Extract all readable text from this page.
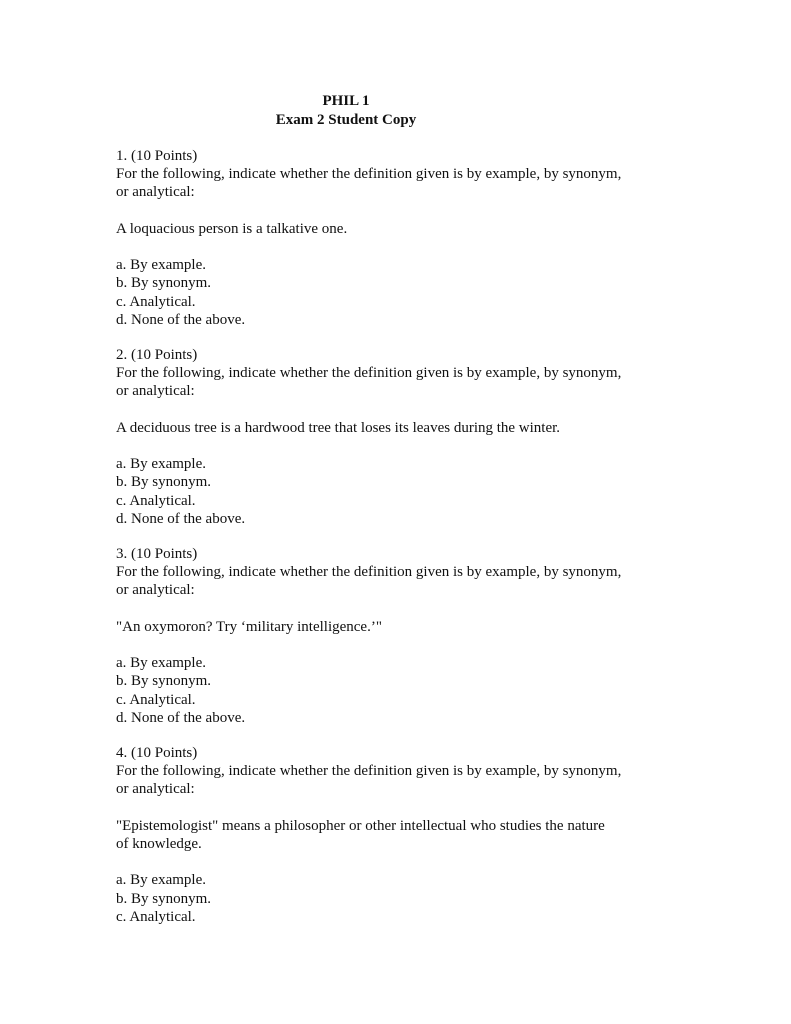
PHIL 1
Exam 2 Student Copy
1. (10 Points)
For the following, indicate whether the definition given is by example, by synonym,
or analytical:
A loquacious person is a talkative one.
a. By example.
b. By synonym.
c. Analytical.
d. None of the above.
2. (10 Points)
For the following, indicate whether the definition given is by example, by synonym,
or analytical:
A deciduous tree is a hardwood tree that loses its leaves during the winter.
a. By example.
b. By synonym.
c. Analytical.
d. None of the above.
3. (10 Points)
For the following, indicate whether the definition given is by example, by synonym,
or analytical:
"An oxymoron? Try ‘military intelligence.’"
a. By example.
b. By synonym.
c. Analytical.
d. None of the above.
4. (10 Points)
For the following, indicate whether the definition given is by example, by synonym,
or analytical:
"Epistemologist" means a philosopher or other intellectual who studies the nature
of knowledge.
a. By example.
b. By synonym.
c. Analytical.
